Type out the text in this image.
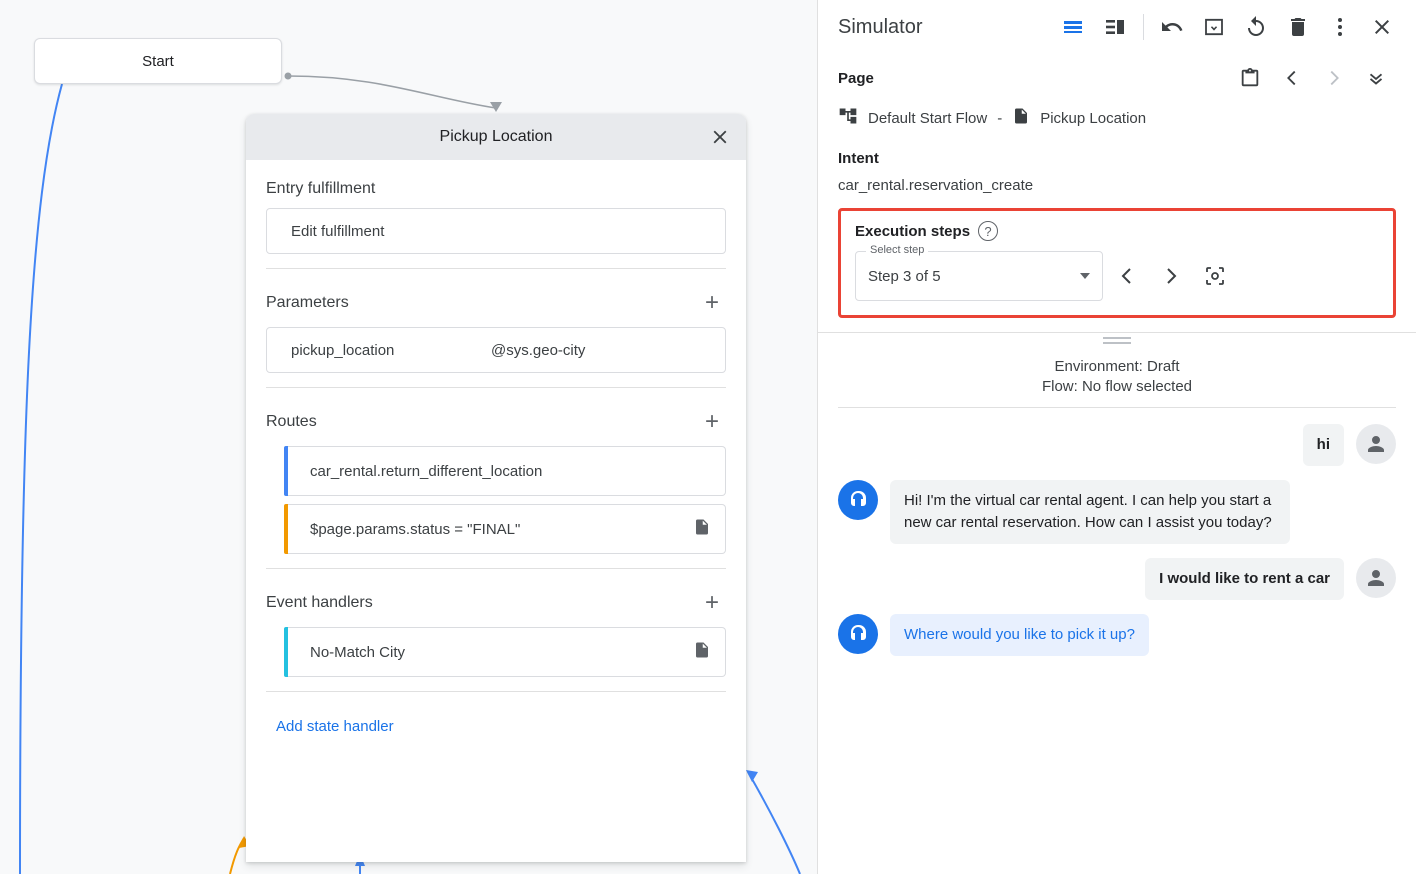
Start
Pickup Location
Entry fulfillment
Edit fulfillment
Parameters	+
pickup_location	@sys.geo-city
Routes	+
car_rental.return_different_location
$page.params.status = "FINAL"
Event handlers	+
No-Match City
Add state handler
Simulator
Page
Default Start Flow -	Pickup Location
Intent
car_rental.reservation_create
Execution steps	?
Select step
Step 3 of 5
Environment: Draft
Flow: No flow selected
hi
Hi! I'm the virtual car rental agent. I can help you start a new car rental reservation. How can I assist you today?
I would like to rent a car
Where would you like to pick it up?
